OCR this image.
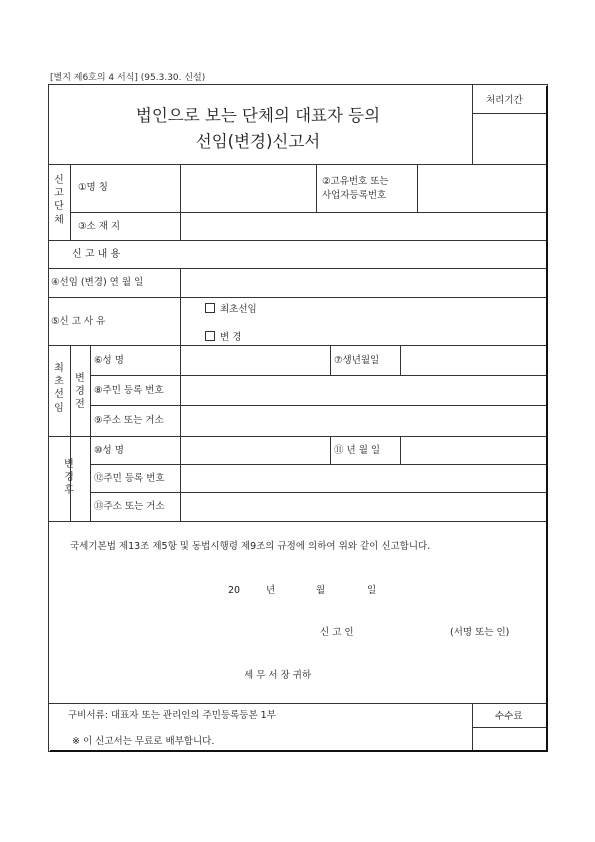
[별지 제6호의 4 서식] (95.3.30. 신설)
법인으로 보는 단체의 대표자 등의
선임(변경)신고서
처리기간
신
고
단
체
①명 칭
②고유번호 또는
사업자등록번호
③소 재 지
신 고 내 용
④선임 (변경) 연 월 일
⑤신 고 사 유
최초선임
변 경
최
초
선
임
변
경
전
⑥성 명	⑦생년월일
⑧주민 등록 번호
⑨주소 또는 거소
변
경
후
⑩성 명	⑪ 년 월 일
⑫주민 등록 번호
⑬주소 또는 거소
국세기본법 제13조 제5항 및 동법시행령 제9조의 규정에 의하여 위와 같이 신고합니다.
20	년	월	일
신 고 인	(서명 또는 인)
세 무 서 장 귀하
구비서류: 대표자 또는 관리인의 주민등록등본 1부	수수료
※ 이 신고서는 무료로 배부합니다.
